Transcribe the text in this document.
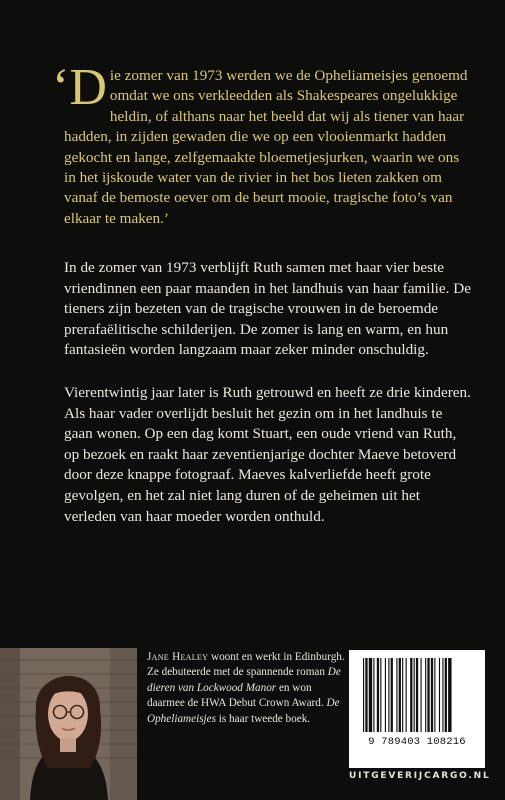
‘D ie zomer van 1973 werden we de Opheliameisjes genoemd omdat we ons verkleedden als Shakespeares ongelukkige heldin, of althans naar het beeld dat wij als tiener van haar hadden, in zijden gewaden die we op een vlooienmarkt hadden gekocht en lange, zelfgemaakte bloemetjesjurken, waarin we ons in het ijskoude water van de rivier in het bos lieten zakken om vanaf de bemoste oever om de beurt mooie, tragische foto’s van elkaar te maken.’

In de zomer van 1973 verblijft Ruth samen met haar vier beste vriendinnen een paar maanden in het landhuis van haar familie. De tieners zijn bezeten van de tragische vrouwen in de beroemde prerafaëlitische schilderijen. De zomer is lang en warm, en hun fantasieën worden langzaam maar zeker minder onschuldig.

Vierentwintig jaar later is Ruth getrouwd en heeft ze drie kinderen. Als haar vader overlijdt besluit het gezin om in het landhuis te gaan wonen. Op een dag komt Stuart, een oude vriend van Ruth, op bezoek en raakt haar zeventienjarige dochter Maeve betoverd door deze knappe fotograaf. Maeves kalverliefde heeft grote gevolgen, en het zal niet lang duren of de geheimen uit het verleden van haar moeder worden onthuld.

Jane Healey woont en werkt in Edinburgh. Ze debuteerde met de spannende roman De dieren van Lockwood Manor en won daarmee de HWA Debut Crown Award. De Opheliameisjes is haar tweede boek.

9 789403 108216
UITGEVERIJCARGO.NL
